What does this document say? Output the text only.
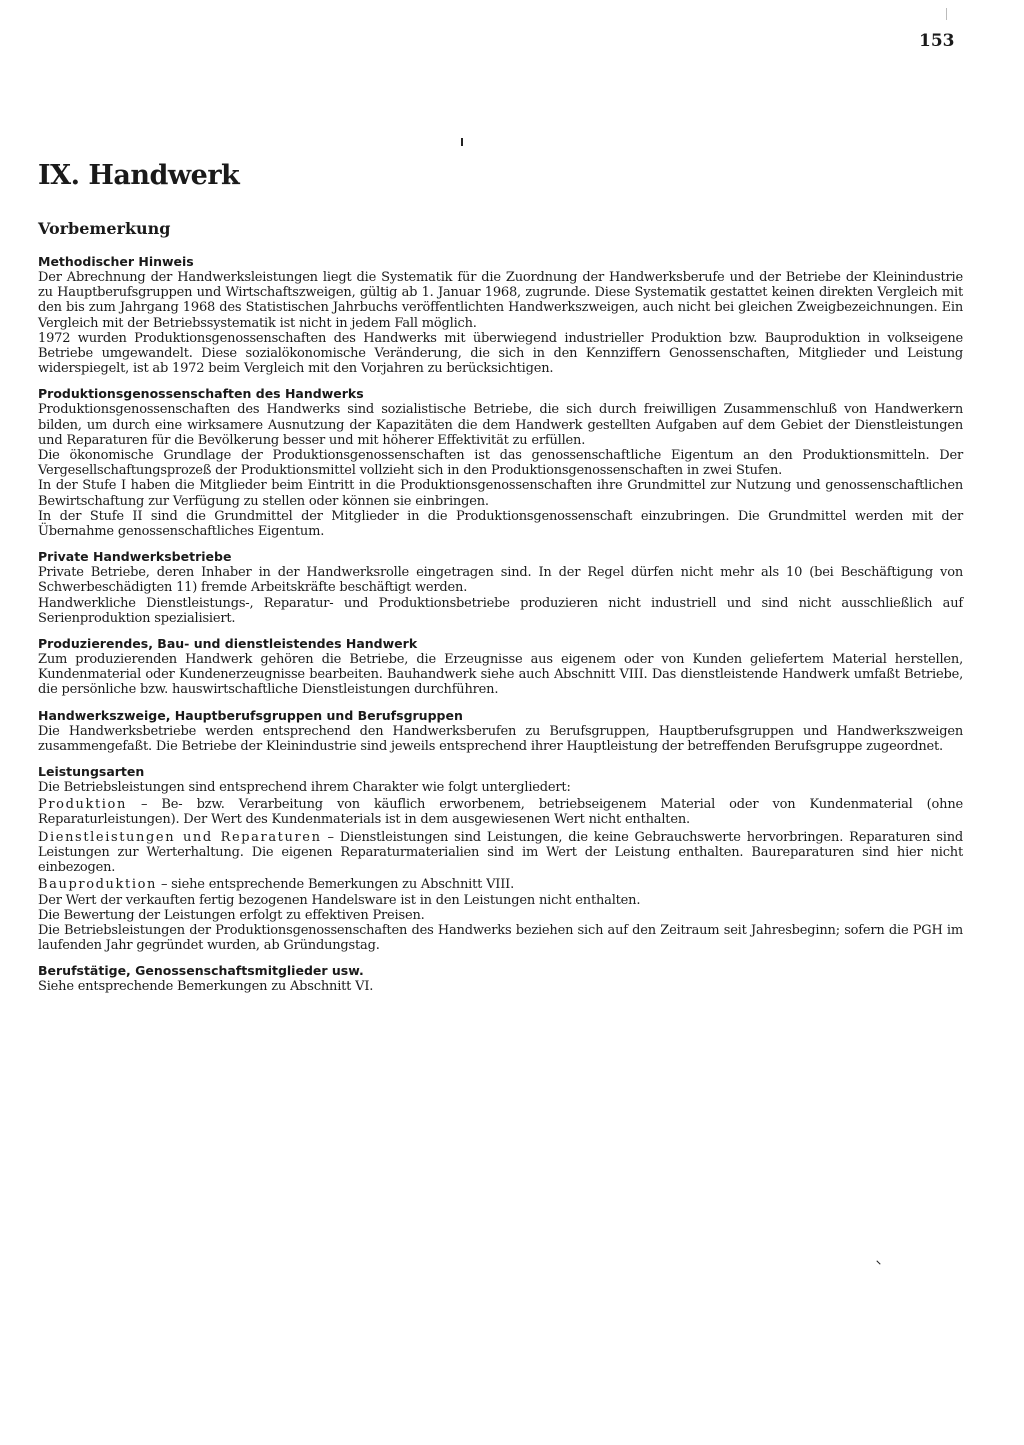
153
IX. Handwerk
Vorbemerkung
Methodischer Hinweis

Der Abrechnung der Handwerksleistungen liegt die Systematik für die Zuordnung der Handwerksberufe und der Betriebe der Kleinindustrie zu Hauptberufsgruppen und Wirtschaftszweigen, gültig ab 1. Januar 1968, zugrunde. Diese Systematik gestattet keinen direkten Vergleich mit den bis zum Jahrgang 1968 des Statistischen Jahrbuchs veröffentlichten Handwerkszweigen, auch nicht bei gleichen Zweigbezeichnungen. Ein Vergleich mit der Betriebssystematik ist nicht in jedem Fall möglich.

1972 wurden Produktionsgenossenschaften des Handwerks mit überwiegend industrieller Produktion bzw. Bauproduktion in volkseigene Betriebe umgewandelt. Diese sozialökonomische Veränderung, die sich in den Kennziffern Genossenschaften, Mitglieder und Leistung widerspiegelt, ist ab 1972 beim Vergleich mit den Vorjahren zu berücksichtigen.

Produktionsgenossenschaften des Handwerks

Produktionsgenossenschaften des Handwerks sind sozialistische Betriebe, die sich durch freiwilligen Zusammenschluß von Handwerkern bilden, um durch eine wirksamere Ausnutzung der Kapazitäten die dem Handwerk gestellten Aufgaben auf dem Gebiet der Dienstleistungen und Reparaturen für die Bevölkerung besser und mit höherer Effektivität zu erfüllen.

Die ökonomische Grundlage der Produktionsgenossenschaften ist das genossenschaftliche Eigentum an den Produktionsmitteln. Der Vergesellschaftungsprozeß der Produktionsmittel vollzieht sich in den Produktionsgenossenschaften in zwei Stufen.

In der Stufe I haben die Mitglieder beim Eintritt in die Produktionsgenossenschaften ihre Grundmittel zur Nutzung und genossenschaftlichen Bewirtschaftung zur Verfügung zu stellen oder können sie einbringen.

In der Stufe II sind die Grundmittel der Mitglieder in die Produktionsgenossenschaft einzubringen. Die Grundmittel werden mit der Übernahme genossenschaftliches Eigentum.

Private Handwerksbetriebe

Private Betriebe, deren Inhaber in der Handwerksrolle eingetragen sind. In der Regel dürfen nicht mehr als 10 (bei Beschäftigung von Schwerbeschädigten 11) fremde Arbeitskräfte beschäftigt werden.

Handwerkliche Dienstleistungs-, Reparatur- und Produktionsbetriebe produzieren nicht industriell und sind nicht ausschließlich auf Serienproduktion spezialisiert.

Produzierendes, Bau- und dienstleistendes Handwerk

Zum produzierenden Handwerk gehören die Betriebe, die Erzeugnisse aus eigenem oder von Kunden geliefertem Material herstellen, Kundenmaterial oder Kundenerzeugnisse bearbeiten. Bauhandwerk siehe auch Abschnitt VIII. Das dienstleistende Handwerk umfaßt Betriebe, die persönliche bzw. hauswirtschaftliche Dienstleistungen durchführen.

Handwerkszweige, Hauptberufsgruppen und Berufsgruppen

Die Handwerksbetriebe werden entsprechend den Handwerksberufen zu Berufsgruppen, Hauptberufsgruppen und Handwerkszweigen zusammengefaßt. Die Betriebe der Kleinindustrie sind jeweils entsprechend ihrer Hauptleistung der betreffenden Berufsgruppe zugeordnet.

Leistungsarten

Die Betriebsleistungen sind entsprechend ihrem Charakter wie folgt untergliedert:

Produktion – Be- bzw. Verarbeitung von käuflich erworbenem, betriebseigenem Material oder von Kundenmaterial (ohne Reparaturleistungen). Der Wert des Kundenmaterials ist in dem ausgewiesenen Wert nicht enthalten.

Dienstleistungen und Reparaturen – Dienstleistungen sind Leistungen, die keine Gebrauchswerte hervorbringen. Reparaturen sind Leistungen zur Werterhaltung. Die eigenen Reparaturmaterialien sind im Wert der Leistung enthalten. Baureparaturen sind hier nicht einbezogen.

Bauproduktion – siehe entsprechende Bemerkungen zu Abschnitt VIII.

Der Wert der verkauften fertig bezogenen Handelsware ist in den Leistungen nicht enthalten.

Die Bewertung der Leistungen erfolgt zu effektiven Preisen.

Die Betriebsleistungen der Produktionsgenossenschaften des Handwerks beziehen sich auf den Zeitraum seit Jahresbeginn; sofern die PGH im laufenden Jahr gegründet wurden, ab Gründungstag.

Berufstätige, Genossenschaftsmitglieder usw.

Siehe entsprechende Bemerkungen zu Abschnitt VI.
